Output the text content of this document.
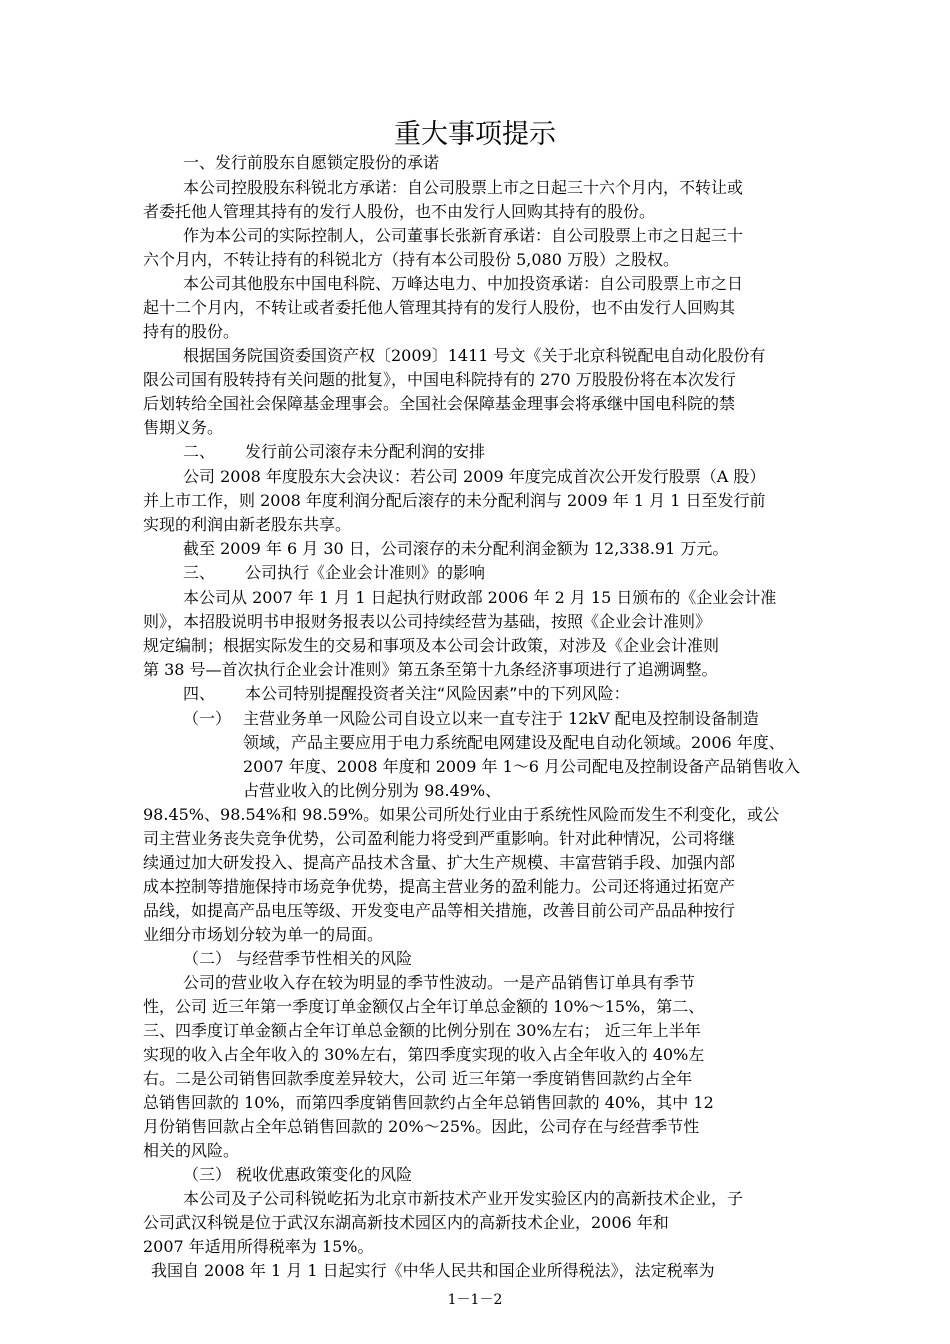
重大事项提示
一、发行前股东自愿锁定股份的承诺
本公司控股股东科锐北方承诺：自公司股票上市之日起三十六个月内，不转让或
者委托他人管理其持有的发行人股份，也不由发行人回购其持有的股份。
作为本公司的实际控制人，公司董事长张新育承诺：自公司股票上市之日起三十
六个月内，不转让持有的科锐北方（持有本公司股份 5,080 万股）之股权。
本公司其他股东中国电科院、万峰达电力、中加投资承诺：自公司股票上市之日
起十二个月内，不转让或者委托他人管理其持有的发行人股份，也不由发行人回购其
持有的股份。
根据国务院国资委国资产权〔2009〕1411 号文《关于北京科锐配电自动化股份有
限公司国有股转持有关问题的批复》，中国电科院持有的 270 万股股份将在本次发行
后划转给全国社会保障基金理事会。全国社会保障基金理事会将承继中国电科院的禁
售期义务。
二、 发行前公司滚存未分配利润的安排
公司 2008 年度股东大会决议：若公司 2009 年度完成首次公开发行股票（A 股）
并上市工作，则 2008 年度利润分配后滚存的未分配利润与 2009 年 1 月 1 日至发行前
实现的利润由新老股东共享。
截至 2009 年 6 月 30 日，公司滚存的未分配利润金额为 12,338.91 万元。
三、 公司执行《企业会计准则》的影响
本公司从 2007 年 1 月 1 日起执行财政部 2006 年 2 月 15 日颁布的《企业会计准
则》，本招股说明书申报财务报表以公司持续经营为基础，按照《企业会计准则》
规定编制；根据实际发生的交易和事项及本公司会计政策，对涉及《企业会计准则
第 38 号—首次执行企业会计准则》第五条至第十九条经济事项进行了追溯调整。
四、 本公司特别提醒投资者关注“风险因素”中的下列风险：
（一） 主营业务单一风险公司自设立以来一直专注于 12kV 配电及控制设备制造
领域，产品主要应用于电力系统配电网建设及配电自动化领域。2006 年度、
2007 年度、2008 年度和 2009 年 1～6 月公司配电及控制设备产品销售收入
占营业收入的比例分别为 98.49%、
98.45%、98.54%和 98.59%。如果公司所处行业由于系统性风险而发生不利变化，或公
司主营业务丧失竞争优势，公司盈利能力将受到严重影响。针对此种情况，公司将继
续通过加大研发投入、提高产品技术含量、扩大生产规模、丰富营销手段、加强内部
成本控制等措施保持市场竞争优势，提高主营业务的盈利能力。公司还将通过拓宽产
品线，如提高产品电压等级、开发变电产品等相关措施，改善目前公司产品品种按行
业细分市场划分较为单一的局面。
（二） 与经营季节性相关的风险
公司的营业收入存在较为明显的季节性波动。一是产品销售订单具有季节
性，公司 近三年第一季度订单金额仅占全年订单总金额的 10%～15%，第二、
三、四季度订单金额占全年订单总金额的比例分别在 30%左右； 近三年上半年
实现的收入占全年收入的 30%左右，第四季度实现的收入占全年收入的 40%左
右。二是公司销售回款季度差异较大，公司 近三年第一季度销售回款约占全年
总销售回款的 10%，而第四季度销售回款约占全年总销售回款的 40%，其中 12
月份销售回款占全年总销售回款的 20%～25%。因此，公司存在与经营季节性
相关的风险。
（三） 税收优惠政策变化的风险
本公司及子公司科锐屹拓为北京市新技术产业开发实验区内的高新技术企业，子
公司武汉科锐是位于武汉东湖高新技术园区内的高新技术企业，2006 年和
2007 年适用所得税率为 15%。
我国自 2008 年 1 月 1 日起实行《中华人民共和国企业所得税法》，法定税率为
1－1－2
